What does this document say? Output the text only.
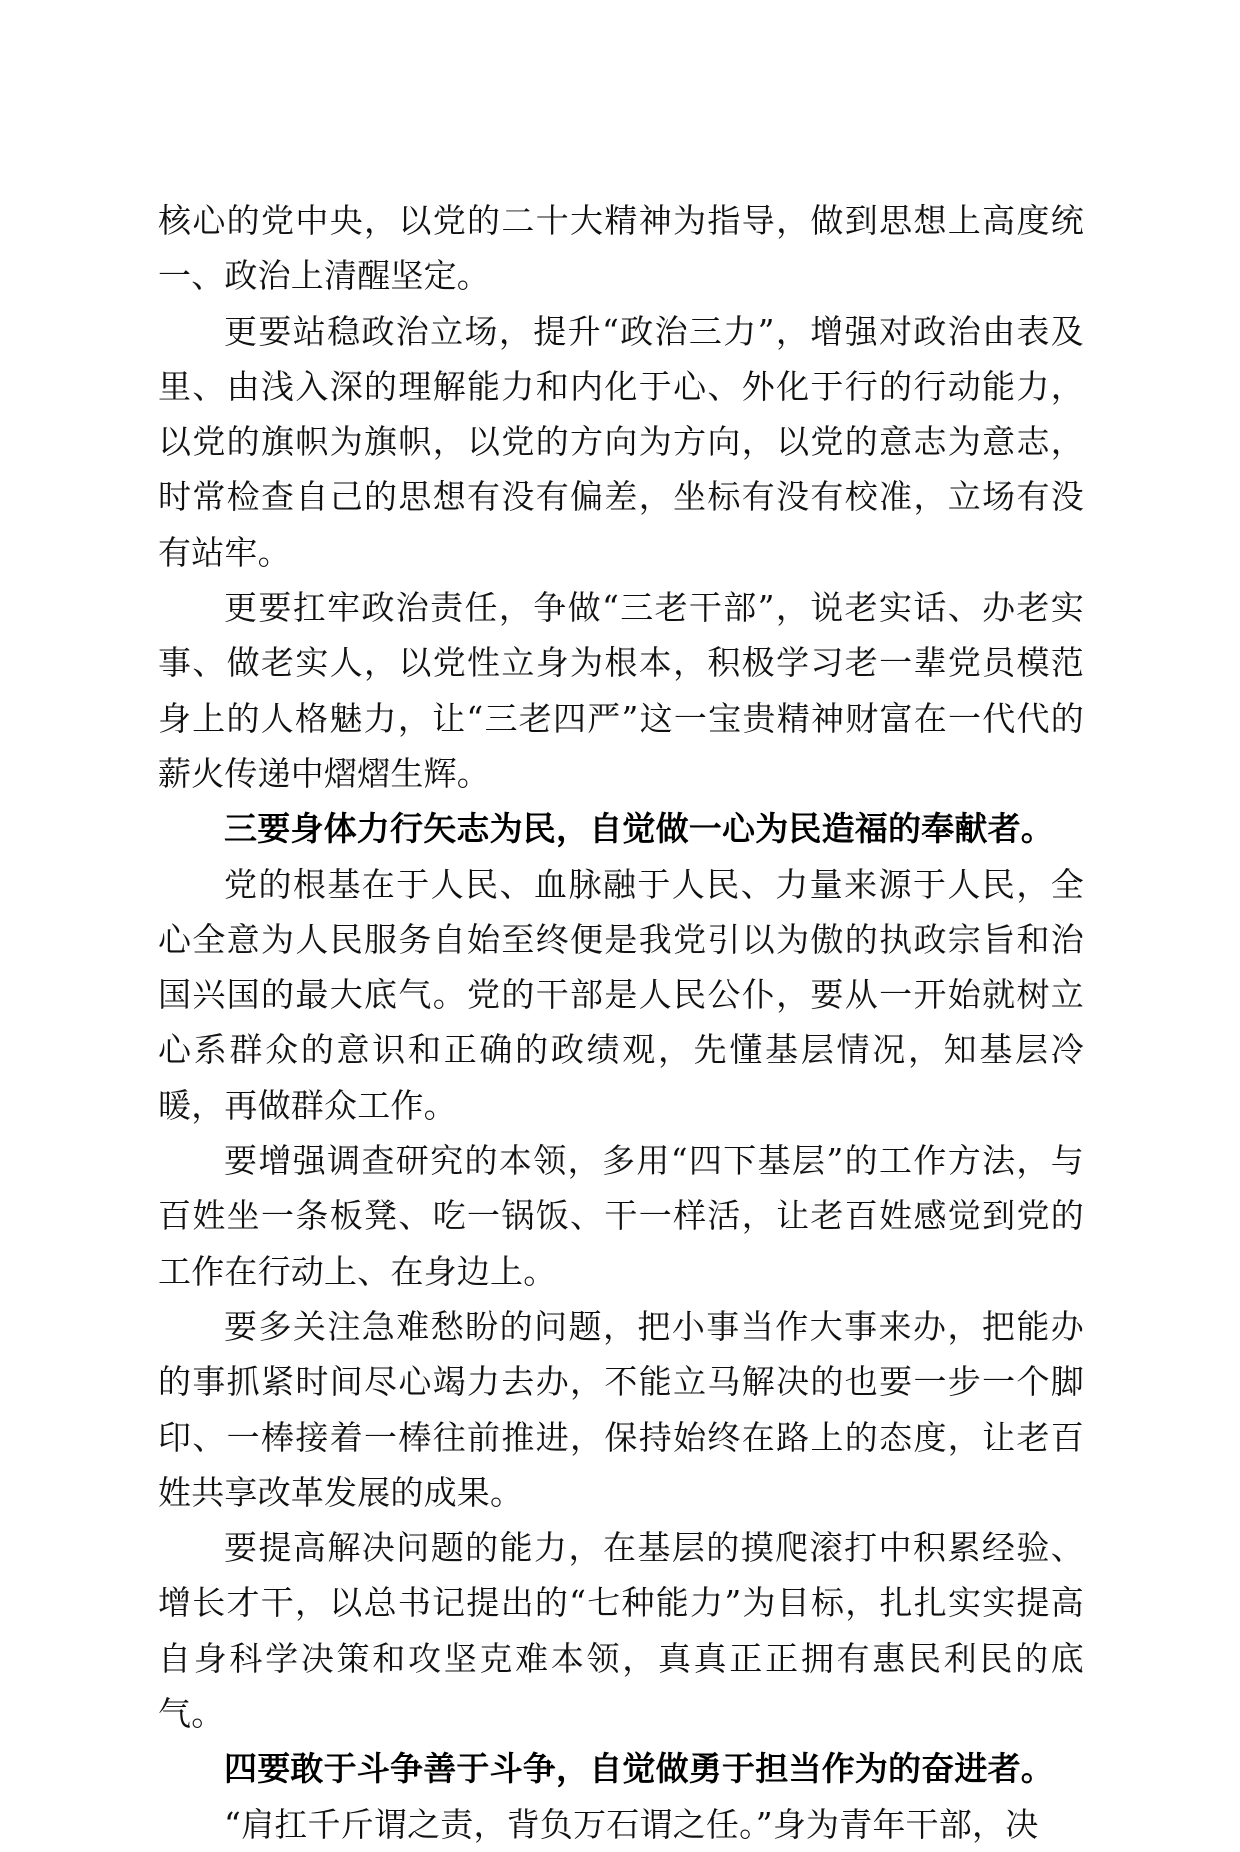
核心的党中央，以党的二十大精神为指导，做到思想上高度统一、政治上清醒坚定。

更要站稳政治立场，提升“政治三力”，增强对政治由表及里、由浅入深的理解能力和内化于心、外化于行的行动能力，以党的旗帜为旗帜，以党的方向为方向，以党的意志为意志，时常检查自己的思想有没有偏差，坐标有没有校准，立场有没有站牢。

更要扛牢政治责任，争做“三老干部”，说老实话、办老实事、做老实人，以党性立身为根本，积极学习老一辈党员模范身上的人格魅力，让“三老四严”这一宝贵精神财富在一代代的薪火传递中熠熠生辉。

三要身体力行矢志为民，自觉做一心为民造福的奉献者。

党的根基在于人民、血脉融于人民、力量来源于人民，全心全意为人民服务自始至终便是我党引以为傲的执政宗旨和治国兴国的最大底气。党的干部是人民公仆，要从一开始就树立心系群众的意识和正确的政绩观，先懂基层情况，知基层冷暖，再做群众工作。

要增强调查研究的本领，多用“四下基层”的工作方法，与百姓坐一条板凳、吃一锅饭、干一样活，让老百姓感觉到党的工作在行动上、在身边上。

要多关注急难愁盼的问题，把小事当作大事来办，把能办的事抓紧时间尽心竭力去办，不能立马解决的也要一步一个脚印、一棒接着一棒往前推进，保持始终在路上的态度，让老百姓共享改革发展的成果。

要提高解决问题的能力，在基层的摸爬滚打中积累经验、增长才干，以总书记提出的“七种能力”为目标，扎扎实实提高自身科学决策和攻坚克难本领，真真正正拥有惠民利民的底气。

四要敢于斗争善于斗争，自觉做勇于担当作为的奋进者。

“肩扛千斤谓之责，背负万石谓之任。”身为青年干部，决
